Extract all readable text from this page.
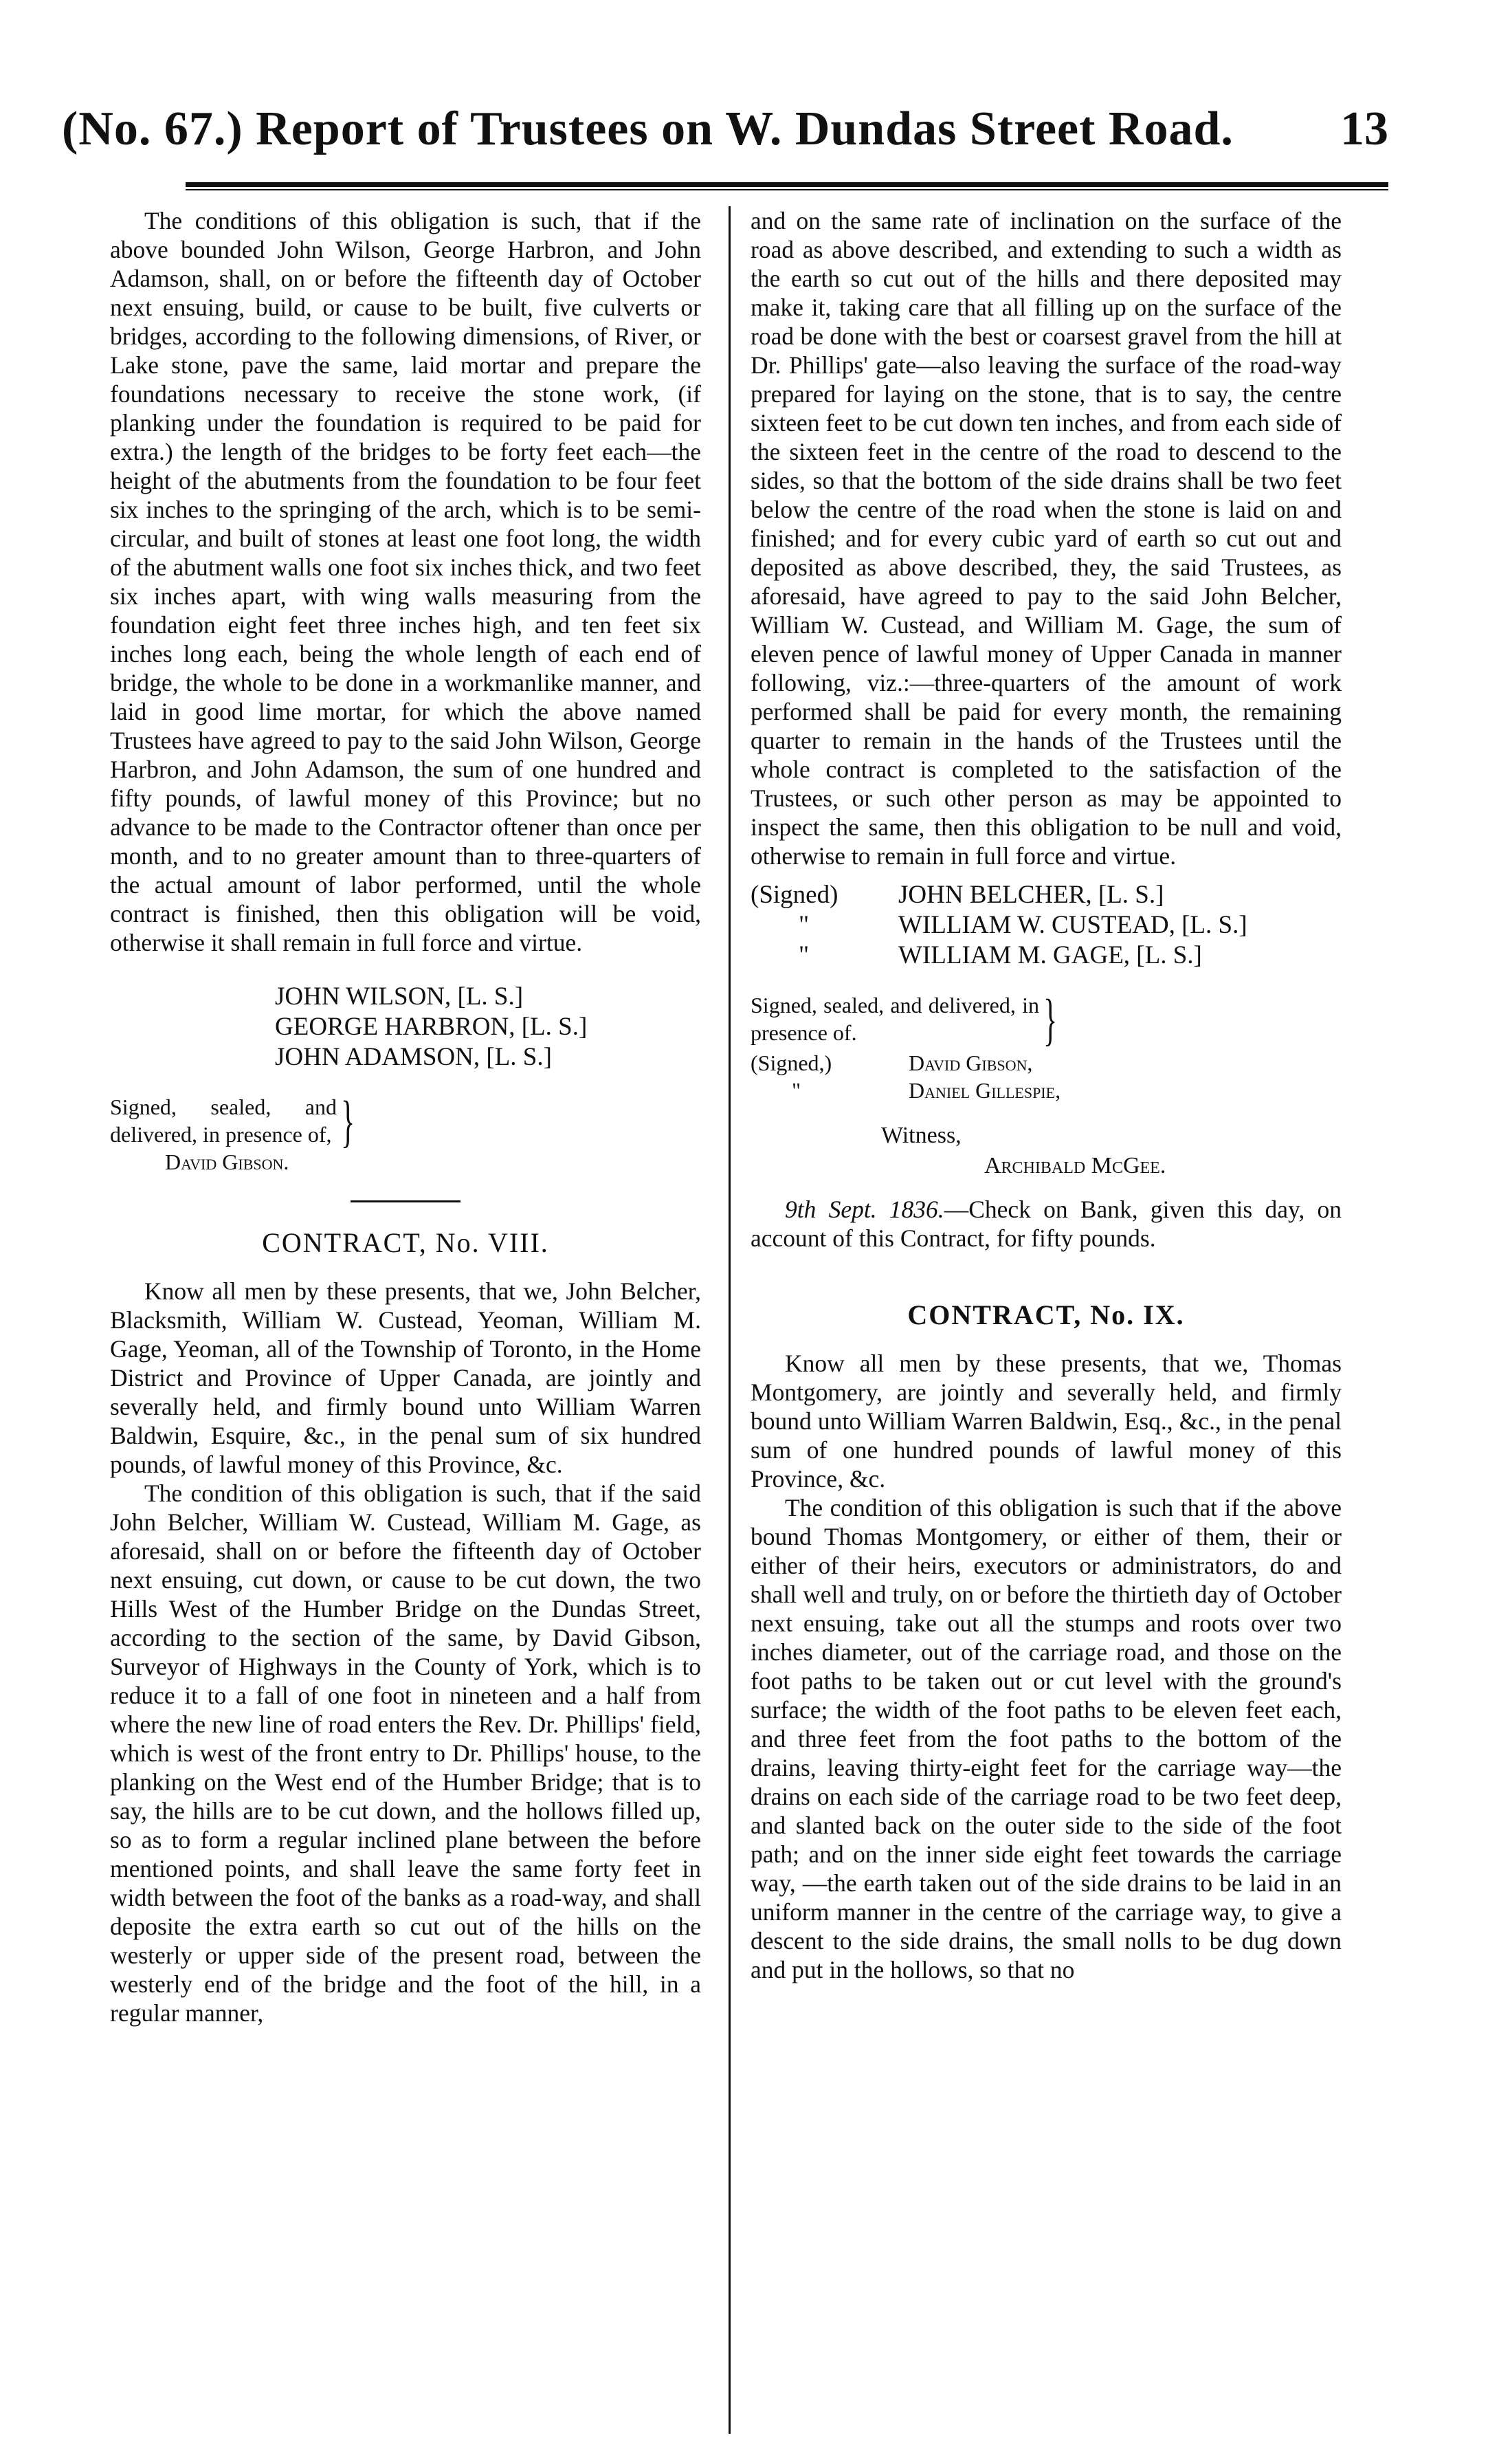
(No. 67.) Report of Trustees on W. Dundas Street Road. 13

The conditions of this obligation is such, that if the above bounded John Wilson, George Harbron, and John Adamson, shall, on or before the fifteenth day of October next ensuing, build, or cause to be built, five culverts or bridges, according to the following dimensions, of River, or Lake stone, pave the same, laid mortar and prepare the foundations necessary to receive the stone work, (if planking under the foundation is required to be paid for extra.) the length of the bridges to be forty feet each—the height of the abutments from the foundation to be four feet six inches to the springing of the arch, which is to be semi-circular, and built of stones at least one foot long, the width of the abutment walls one foot six inches thick, and two feet six inches apart, with wing walls measuring from the foundation eight feet three inches high, and ten feet six inches long each, being the whole length of each end of bridge, the whole to be done in a workmanlike manner, and laid in good lime mortar, for which the above named Trustees have agreed to pay to the said John Wilson, George Harbron, and John Adamson, the sum of one hundred and fifty pounds, of lawful money of this Province; but no advance to be made to the Contractor oftener than once per month, and to no greater amount than to three-quarters of the actual amount of labor performed, until the whole contract is finished, then this obligation will be void, otherwise it shall remain in full force and virtue.

JOHN WILSON, [L. S.]
GEORGE HARBRON, [L. S.]
JOHN ADAMSON, [L. S.]
Signed, sealed, and delivered, in presence of,
David Gibson.
}
CONTRACT, No. VIII.

Know all men by these presents, that we, John Belcher, Blacksmith, William W. Custead, Yeoman, William M. Gage, Yeoman, all of the Township of Toronto, in the Home District and Province of Upper Canada, are jointly and severally held, and firmly bound unto William Warren Baldwin, Esquire, &c., in the penal sum of six hundred pounds, of lawful money of this Province, &c.

The condition of this obligation is such, that if the said John Belcher, William W. Custead, William M. Gage, as aforesaid, shall on or before the fifteenth day of October next ensuing, cut down, or cause to be cut down, the two Hills West of the Humber Bridge on the Dundas Street, according to the section of the same, by David Gibson, Surveyor of Highways in the County of York, which is to reduce it to a fall of one foot in nineteen and a half from where the new line of road enters the Rev. Dr. Phillips' field, which is west of the front entry to Dr. Phillips' house, to the planking on the West end of the Humber Bridge; that is to say, the hills are to be cut down, and the hollows filled up, so as to form a regular inclined plane between the before mentioned points, and shall leave the same forty feet in width between the foot of the banks as a road-way, and shall deposite the extra earth so cut out of the hills on the westerly or upper side of the present road, between the westerly end of the bridge and the foot of the hill, in a regular manner,

and on the same rate of inclination on the surface of the road as above described, and extending to such a width as the earth so cut out of the hills and there deposited may make it, taking care that all filling up on the surface of the road be done with the best or coarsest gravel from the hill at Dr. Phillips' gate—also leaving the surface of the road-way prepared for laying on the stone, that is to say, the centre sixteen feet to be cut down ten inches, and from each side of the sixteen feet in the centre of the road to descend to the sides, so that the bottom of the side drains shall be two feet below the centre of the road when the stone is laid on and finished; and for every cubic yard of earth so cut out and deposited as above described, they, the said Trustees, as aforesaid, have agreed to pay to the said John Belcher, William W. Custead, and William M. Gage, the sum of eleven pence of lawful money of Upper Canada in manner following, viz.:—three-quarters of the amount of work performed shall be paid for every month, the remaining quarter to remain in the hands of the Trustees until the whole contract is completed to the satisfaction of the Trustees, or such other person as may be appointed to inspect the same, then this obligation to be null and void, otherwise to remain in full force and virtue.

(Signed)	JOHN BELCHER, [L. S.]
"	WILLIAM W. CUSTEAD, [L. S.]
"	WILLIAM M. GAGE, [L. S.]
Signed, sealed, and delivered, in presence of.	}
(Signed,)	David Gibson,
"	Daniel Gillespie,
Witness,
Archibald McGee.

9th Sept. 1836.—Check on Bank, given this day, on account of this Contract, for fifty pounds.

CONTRACT, No. IX.

Know all men by these presents, that we, Thomas Montgomery, are jointly and severally held, and firmly bound unto William Warren Baldwin, Esq., &c., in the penal sum of one hundred pounds of lawful money of this Province, &c.

The condition of this obligation is such that if the above bound Thomas Montgomery, or either of them, their or either of their heirs, executors or administrators, do and shall well and truly, on or before the thirtieth day of October next ensuing, take out all the stumps and roots over two inches diameter, out of the carriage road, and those on the foot paths to be taken out or cut level with the ground's surface; the width of the foot paths to be eleven feet each, and three feet from the foot paths to the bottom of the drains, leaving thirty-eight feet for the carriage way—the drains on each side of the carriage road to be two feet deep, and slanted back on the outer side to the side of the foot path; and on the inner side eight feet towards the carriage way, —the earth taken out of the side drains to be laid in an uniform manner in the centre of the carriage way, to give a descent to the side drains, the small nolls to be dug down and put in the hollows, so that no
